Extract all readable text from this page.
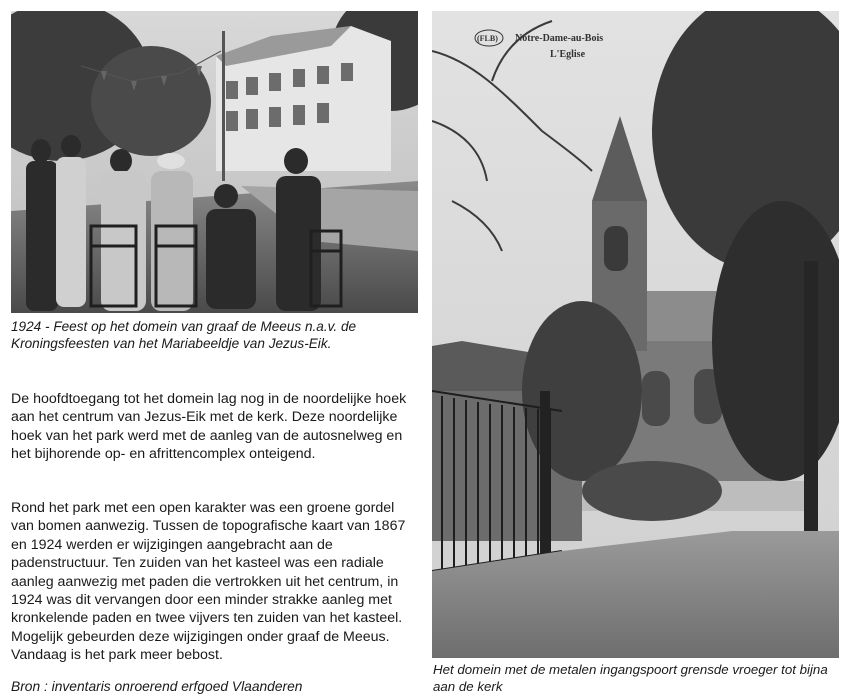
1924 - Feest op het domein van graaf de Meeus n.a.v. de Kroningsfeesten van het Mariabeeldje van Jezus-Eik.

De hoofdtoegang tot het domein lag nog in de noordelijke hoek aan het centrum van Jezus-Eik met de kerk. Deze noordelijke hoek van het park werd met de aanleg van de autosnelweg en het bijhorende op- en afrittencomplex onteigend.

Rond het park met een open karakter was een groene gordel van bomen aanwezig. Tussen de topografische kaart van 1867 en 1924 werden er wijzigingen aangebracht aan de padenstructuur. Ten zuiden van het kasteel was een radiale aanleg aanwezig met paden die vertrokken uit het centrum, in 1924 was dit vervangen door een minder strakke aanleg met kronkelende paden en twee vijvers ten zuiden van het kasteel. Mogelijk gebeurden deze wijzigingen onder graaf de Meeus. Vandaag is het park meer bebost.

Bron : inventaris onroerend erfgoed Vlaanderen

(FLB) Notre-Dame-au-Bois
L'Eglise

Het domein met de metalen ingangspoort grensde vroeger tot bijna aan de kerk
